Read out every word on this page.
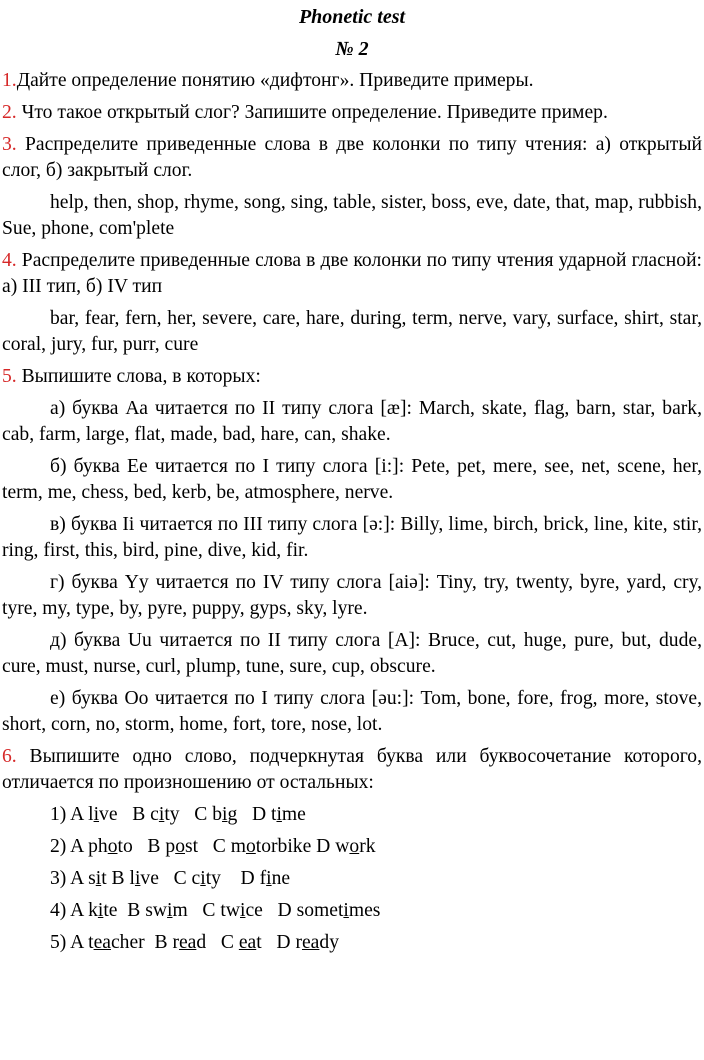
Phonetic test

№ 2

1.Дайте определение понятию «дифтонг». Приведите примеры.

2. Что такое открытый слог? Запишите определение. Приведите пример.

3. Распределите приведенные слова в две колонки по типу чтения: а) открытый слог, б) закрытый слог.

help, then, shop, rhyme, song, sing, table, sister, boss, eve, date, that, map, rubbish, Sue, phone, com'plete

4. Распределите приведенные слова в две колонки по типу чтения ударной гласной: а) III тип, б) IV тип

bar, fear, fern, her, severe, care, hare, during, term, nerve, vary, surface, shirt, star, coral, jury, fur, purr, cure

5. Выпишите слова, в которых:

а) буква Аа читается по II типу слога [æ]: March, skate, flag, barn, star, bark, cab, farm, large, flat, made, bad, hare, can, shake.

б) буква Ee читается по I типу слога [i:]: Pete, pet, mere, see, net, scene, her, term, me, chess, bed, kerb, be, atmosphere, nerve.

в) буква Ii читается по III типу слога [ə:]: Billy, lime, birch, brick, line, kite, stir, ring, first, this, bird, pine, dive, kid, fir.

г) буква Yy читается по IV типу слога [aiə]: Tiny, try, twenty, byre, yard, cry, tyre, my, type, by, pyre, puppy, gyps, sky, lyre.

д) буква Uu читается по II типу слога [A]: Bruce, cut, huge, pure, but, dude, cure, must, nurse, curl, plump, tune, sure, cup, obscure.

е) буква Oo читается по I типу слога [əu:]: Tom, bone, fore, frog, more, stove, short, corn, no, storm, home, fort, tore, nose, lot.

6. Выпишите одно слово, подчеркнутая буква или буквосочетание которого, отличается по произношению от остальных:

1) A live   B city   C big   D time

2) A photo   B post   C motorbike D work

3) A sit B live   C city    D fine

4) A kite  B swim   C twice   D sometimes

5) A teacher  B read   C eat   D ready
